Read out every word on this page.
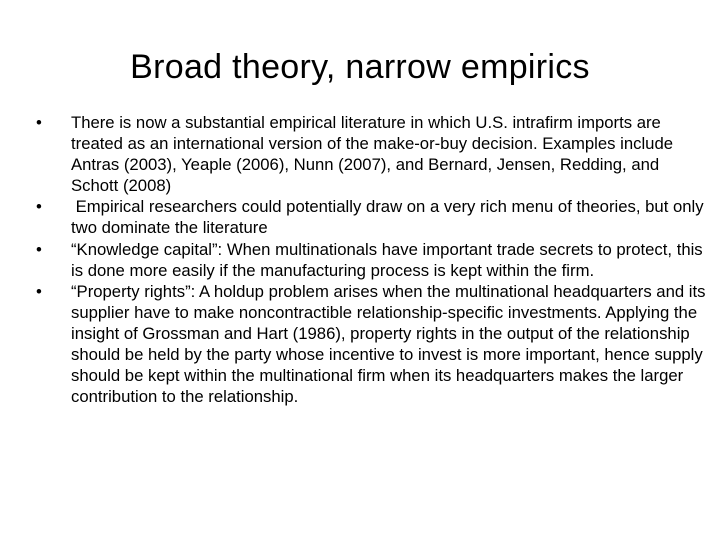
Broad theory, narrow empirics
•	There is now a substantial empirical literature in which U.S. intrafirm imports are treated as an international version of the make-or-buy decision. Examples include Antras (2003), Yeaple (2006), Nunn (2007), and Bernard, Jensen, Redding, and Schott (2008)
•	Empirical researchers could potentially draw on a very rich menu of theories, but only two dominate the literature
•	“Knowledge capital”: When multinationals have important trade secrets to protect, this is done more easily if the manufacturing process is kept within the firm.
•	“Property rights”: A holdup problem arises when the multinational headquarters and its supplier have to make noncontractible relationship-specific investments. Applying the insight of Grossman and Hart (1986), property rights in the output of the relationship should be held by the party whose incentive to invest is more important, hence supply should be kept within the multinational firm when its headquarters makes the larger contribution to the relationship.
